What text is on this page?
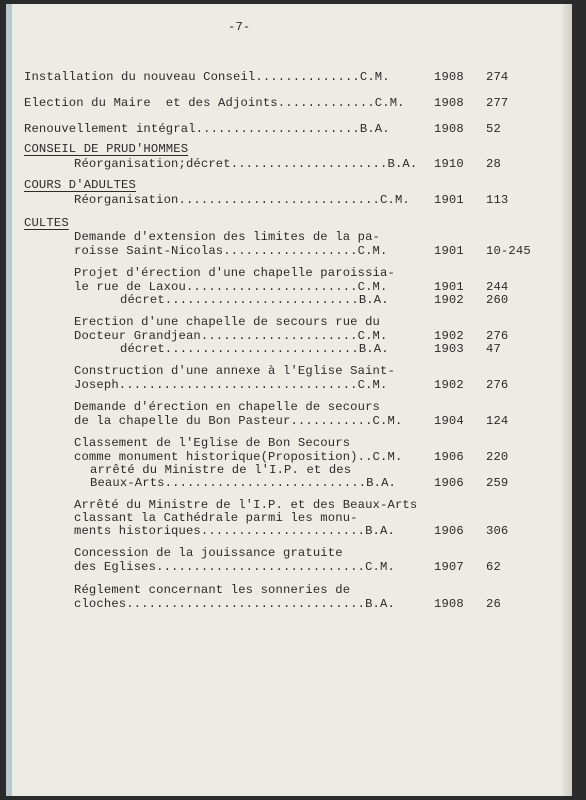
-7-
Installation du nouveau Conseil..............C.M.	1908	274
Election du Maire  et des Adjoints.............C.M. 1908	277
Renouvellement intégral......................B.A.	1908	52
CONSEIL DE PRUD'HOMMES
Réorganisation;décret.....................B.A. 1910	28
COURS D'ADULTES
Réorganisation...........................C.M. 1901	113
CULTES
Demande d'extension des limites de la pa-
roisse Saint-Nicolas..................C.M.	1901	10-245
Projet d'érection d'une chapelle paroissia-
le rue de Laxou.......................C.M.	1901	244
décret..........................B.A.	1902	260
Erection d'une chapelle de secours rue du
Docteur Grandjean.....................C.M.	1902	276
décret..........................B.A.	1903	47
Construction d'une annexe à l'Eglise Saint-
Joseph................................C.M.	1902	276
Demande d'érection en chapelle de secours
de la chapelle du Bon Pasteur...........C.M.	1904	124
Classement de l'Eglise de Bon Secours
comme monument historique(Proposition)..C.M.	1906	220
arrêté du Ministre de l'I.P. et des
Beaux-Arts...........................B.A.	1906	259
Arrêté du Ministre de l'I.P. et des Beaux-Arts
classant la Cathédrale parmi les monu-
ments historiques......................B.A.	1906	306
Concession de la jouissance gratuite
des Eglises............................C.M.	1907	62
Réglement concernant les sonneries de
cloches................................B.A.	1908	26
